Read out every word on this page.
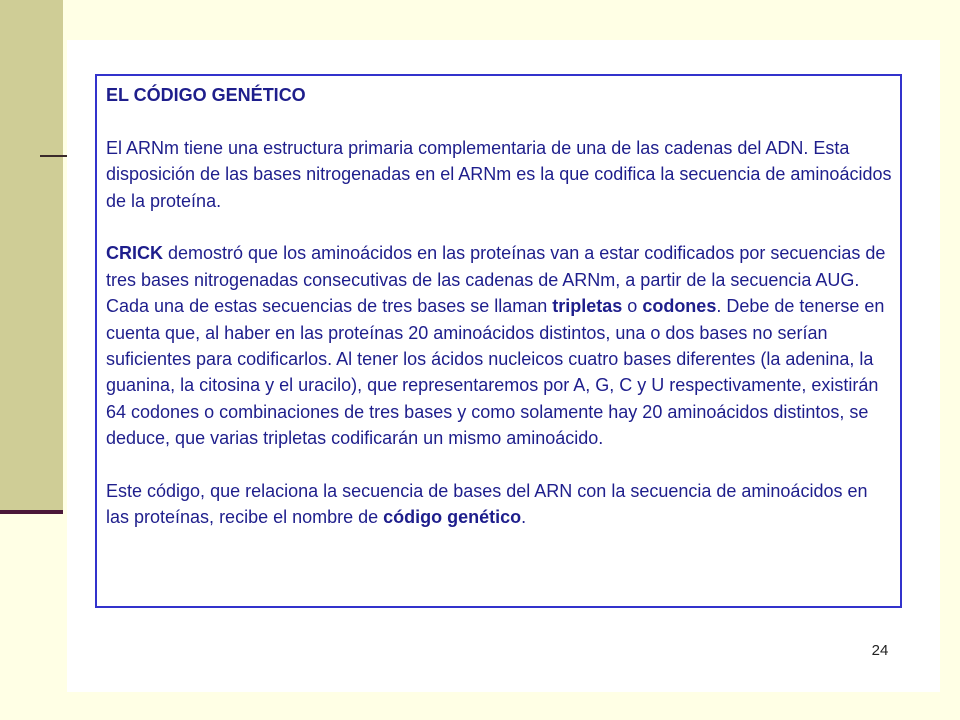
EL CÓDIGO GENÉTICO

El ARNm tiene una estructura primaria complementaria de una de las cadenas del ADN. Esta disposición de las bases nitrogenadas en el ARNm es la que codifica la secuencia de aminoácidos de la proteína.

CRICK demostró que los aminoácidos en las proteínas van a estar codificados por secuencias de tres bases nitrogenadas consecutivas de las cadenas de ARNm, a partir de la secuencia AUG. Cada una de estas secuencias de tres bases se llaman tripletas o codones. Debe de tenerse en cuenta que, al haber en las proteínas 20 aminoácidos distintos, una o dos bases no serían suficientes para codificarlos. Al tener los ácidos nucleicos cuatro bases diferentes (la adenina, la guanina, la citosina y el uracilo), que representaremos por A, G, C y U respectivamente, existirán 64 codones o combinaciones de tres bases y como solamente hay 20 aminoácidos distintos, se deduce, que varias tripletas codificarán un mismo aminoácido.

Este código, que relaciona la secuencia de bases del ARN con la secuencia de aminoácidos en las proteínas, recibe el nombre de código genético.

24
